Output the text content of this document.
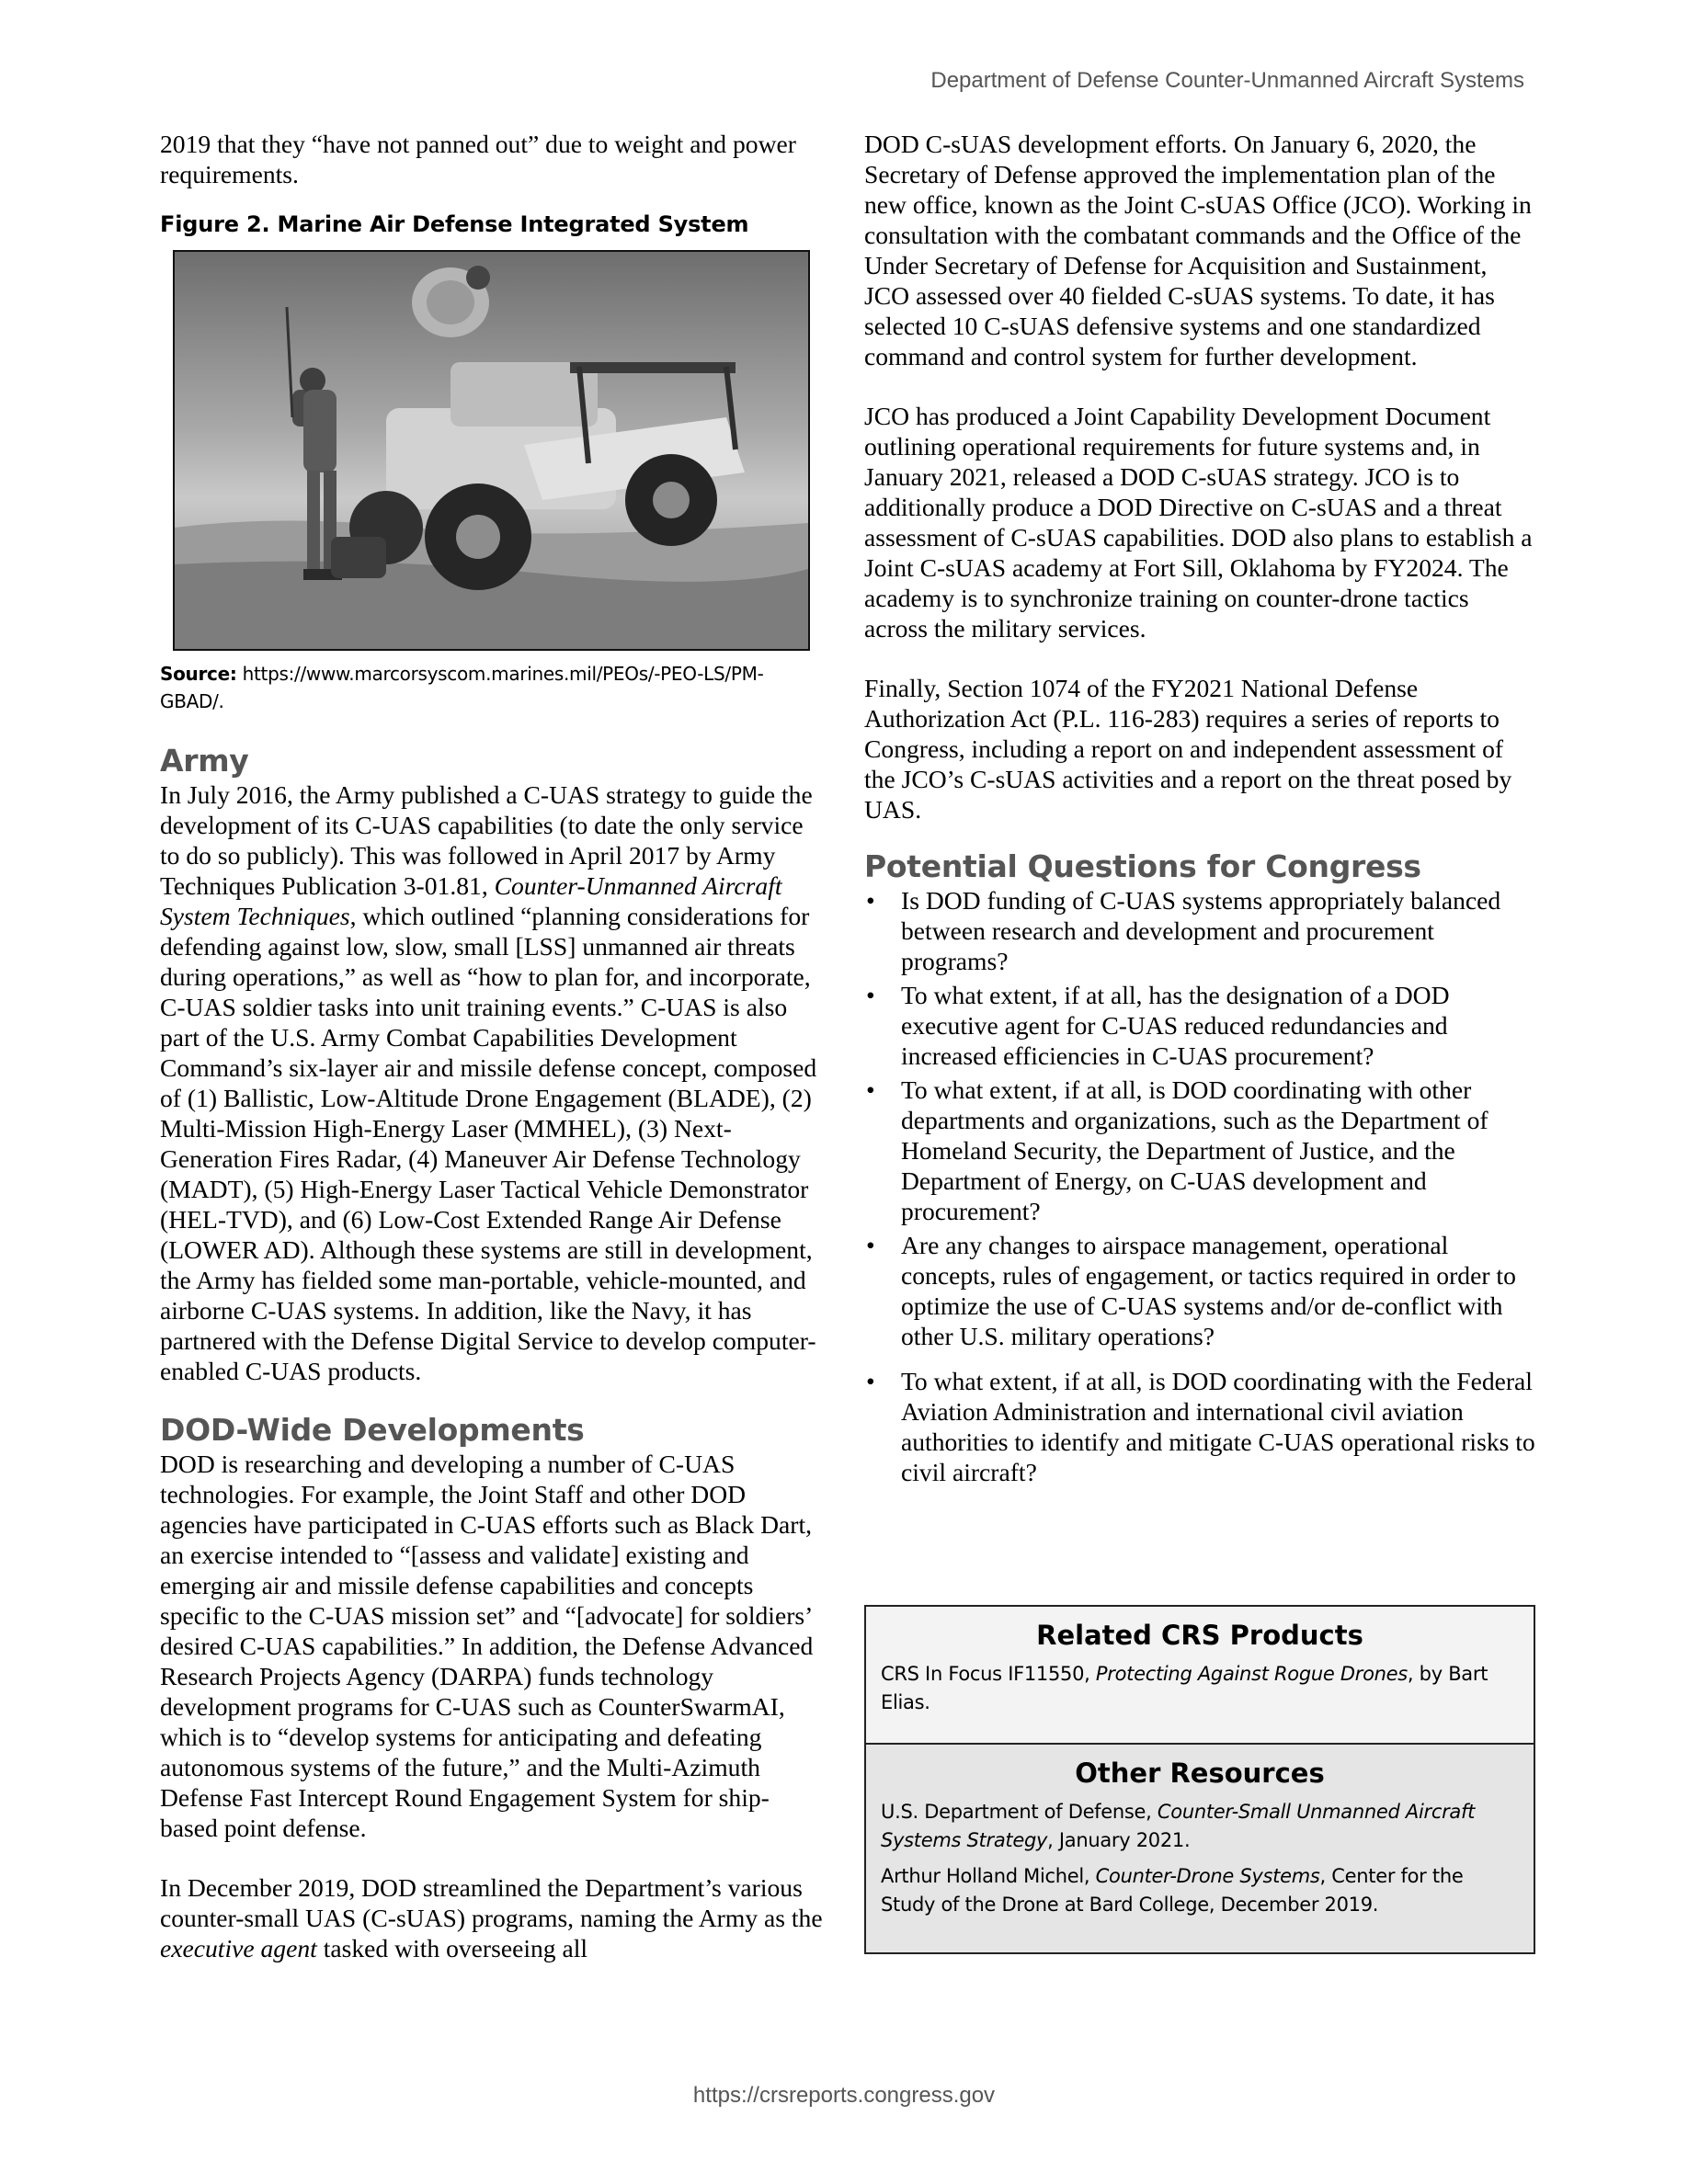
Department of Defense Counter-Unmanned Aircraft Systems

2019 that they “have not panned out” due to weight and power requirements.

Figure 2. Marine Air Defense Integrated System

Source: https://www.marcorsyscom.marines.mil/PEOs/-PEO-LS/PM-GBAD/.

Army

In July 2016, the Army published a C-UAS strategy to guide the development of its C-UAS capabilities (to date the only service to do so publicly). This was followed in April 2017 by Army Techniques Publication 3-01.81, Counter-Unmanned Aircraft System Techniques, which outlined “planning considerations for defending against low, slow, small [LSS] unmanned air threats during operations,” as well as “how to plan for, and incorporate, C-UAS soldier tasks into unit training events.” C-UAS is also part of the U.S. Army Combat Capabilities Development Command’s six-layer air and missile defense concept, composed of (1) Ballistic, Low-Altitude Drone Engagement (BLADE), (2) Multi-Mission High-Energy Laser (MMHEL), (3) Next-Generation Fires Radar, (4) Maneuver Air Defense Technology (MADT), (5) High-Energy Laser Tactical Vehicle Demonstrator (HEL-TVD), and (6) Low-Cost Extended Range Air Defense (LOWER AD). Although these systems are still in development, the Army has fielded some man-portable, vehicle-mounted, and airborne C-UAS systems. In addition, like the Navy, it has partnered with the Defense Digital Service to develop computer-enabled C-UAS products.

DOD-Wide Developments

DOD is researching and developing a number of C-UAS technologies. For example, the Joint Staff and other DOD agencies have participated in C-UAS efforts such as Black Dart, an exercise intended to “[assess and validate] existing and emerging air and missile defense capabilities and concepts specific to the C-UAS mission set” and “[advocate] for soldiers’ desired C-UAS capabilities.” In addition, the Defense Advanced Research Projects Agency (DARPA) funds technology development programs for C-UAS such as CounterSwarmAI, which is to “develop systems for anticipating and defeating autonomous systems of the future,” and the Multi-Azimuth Defense Fast Intercept Round Engagement System for ship-based point defense.

In December 2019, DOD streamlined the Department’s various counter-small UAS (C-sUAS) programs, naming the Army as the executive agent tasked with overseeing all

DOD C-sUAS development efforts. On January 6, 2020, the Secretary of Defense approved the implementation plan of the new office, known as the Joint C-sUAS Office (JCO). Working in consultation with the combatant commands and the Office of the Under Secretary of Defense for Acquisition and Sustainment, JCO assessed over 40 fielded C-sUAS systems. To date, it has selected 10 C-sUAS defensive systems and one standardized command and control system for further development.

JCO has produced a Joint Capability Development Document outlining operational requirements for future systems and, in January 2021, released a DOD C-sUAS strategy. JCO is to additionally produce a DOD Directive on C-sUAS and a threat assessment of C-sUAS capabilities. DOD also plans to establish a Joint C-sUAS academy at Fort Sill, Oklahoma by FY2024. The academy is to synchronize training on counter-drone tactics across the military services.

Finally, Section 1074 of the FY2021 National Defense Authorization Act (P.L. 116-283) requires a series of reports to Congress, including a report on and independent assessment of the JCO’s C-sUAS activities and a report on the threat posed by UAS.

Potential Questions for Congress
• Is DOD funding of C-UAS systems appropriately balanced between research and development and procurement programs?
• To what extent, if at all, has the designation of a DOD executive agent for C-UAS reduced redundancies and increased efficiencies in C-UAS procurement?
• To what extent, if at all, is DOD coordinating with other departments and organizations, such as the Department of Homeland Security, the Department of Justice, and the Department of Energy, on C-UAS development and procurement?
• Are any changes to airspace management, operational concepts, rules of engagement, or tactics required in order to optimize the use of C-UAS systems and/or de-conflict with other U.S. military operations?
• To what extent, if at all, is DOD coordinating with the Federal Aviation Administration and international civil aviation authorities to identify and mitigate C-UAS operational risks to civil aircraft?
Related CRS Products

CRS In Focus IF11550, Protecting Against Rogue Drones, by Bart Elias.

Other Resources

U.S. Department of Defense, Counter-Small Unmanned Aircraft Systems Strategy, January 2021.

Arthur Holland Michel, Counter-Drone Systems, Center for the Study of the Drone at Bard College, December 2019.

https://crsreports.congress.gov
